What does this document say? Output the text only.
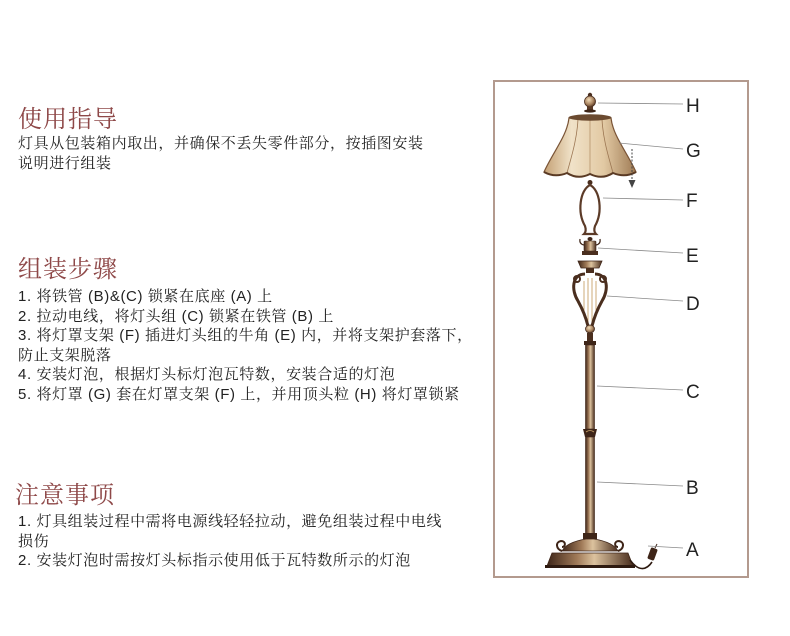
使用指导
灯具从包装箱内取出，并确保不丢失零件部分，按插图安装
说明进行组装
组装步骤
1. 将铁管 (B)&(C) 锁紧在底座 (A) 上
2. 拉动电线，将灯头组 (C) 锁紧在铁管 (B) 上
3. 将灯罩支架 (F) 插进灯头组的牛角 (E) 内，并将支架护套落下，
防止支架脱落
4. 安装灯泡，根据灯头标灯泡瓦特数，安装合适的灯泡
5. 将灯罩 (G) 套在灯罩支架 (F) 上，并用顶头粒 (H) 将灯罩锁紧
注意事项
1. 灯具组装过程中需将电源线轻轻拉动，避免组装过程中电线
损伤
2. 安装灯泡时需按灯头标指示使用低于瓦特数所示的灯泡
H
G
F
E
D
C
B
A
